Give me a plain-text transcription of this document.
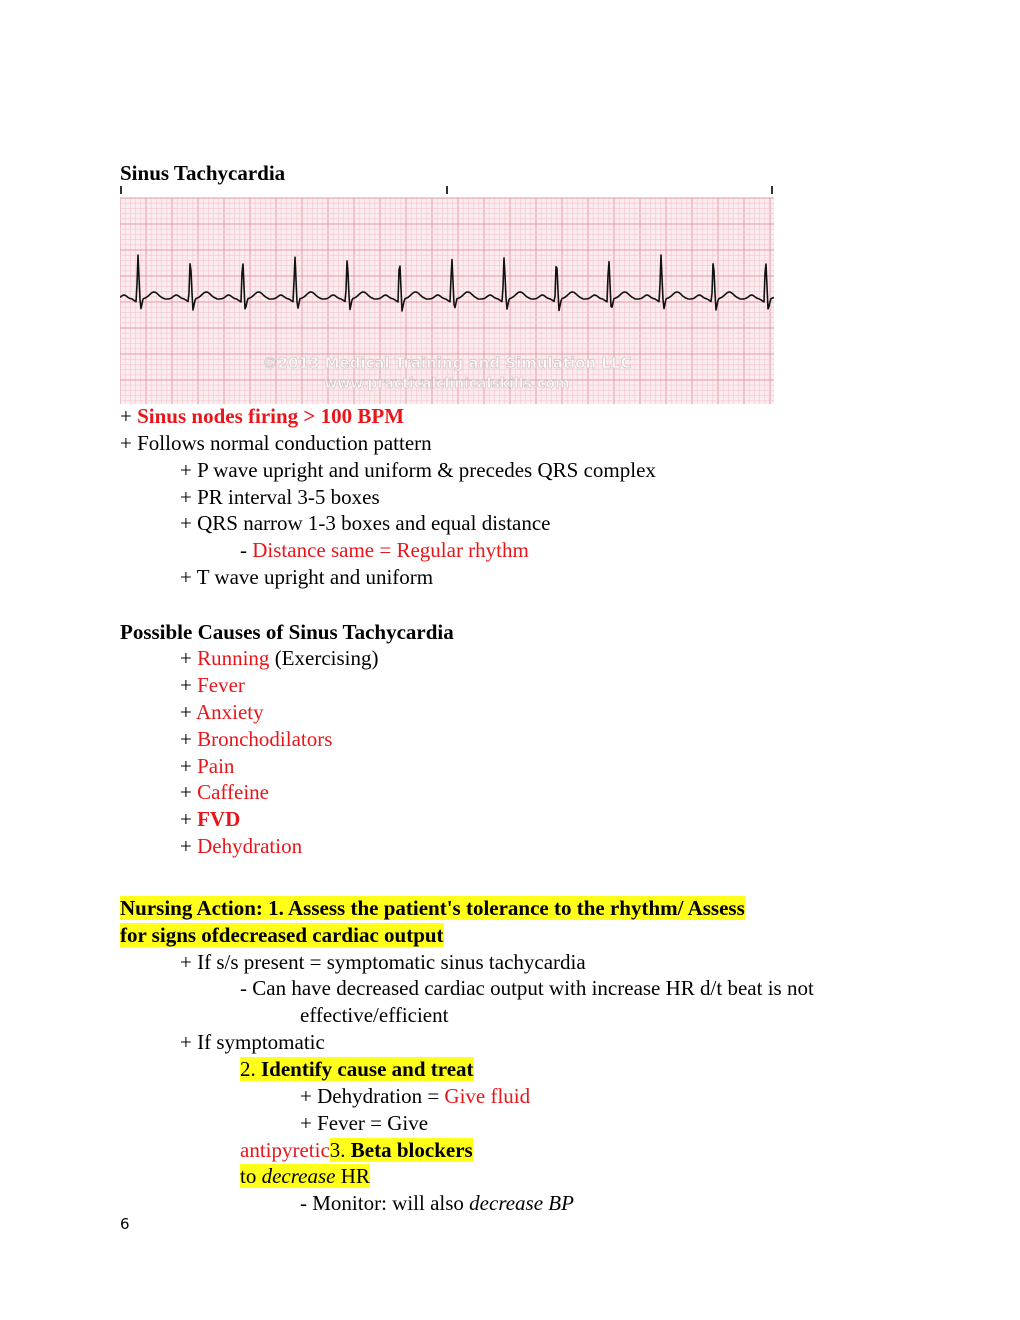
Sinus Tachycardia
©2013 Medical Training and Simulation LLC
www.practicalclinicalskills.com
+ Sinus nodes firing > 100 BPM
+ Follows normal conduction pattern
+ P wave upright and uniform & precedes QRS complex
+ PR interval 3-5 boxes
+ QRS narrow 1-3 boxes and equal distance
- Distance same = Regular rhythm
+ T wave upright and uniform
Possible Causes of Sinus Tachycardia
+ Running (Exercising)
+ Fever
+ Anxiety
+ Bronchodilators
+ Pain
+ Caffeine
+ FVD
+ Dehydration
Nursing Action: 1. Assess the patient's tolerance to the rhythm/ Assess
for signs ofdecreased cardiac output
+ If s/s present = symptomatic sinus tachycardia
- Can have decreased cardiac output with increase HR d/t beat is not
effective/efficient
+ If symptomatic
2. Identify cause and treat
+ Dehydration = Give fluid
+ Fever = Give
antipyretic3. Beta blockers
to decrease HR
- Monitor: will also decrease BP
6
